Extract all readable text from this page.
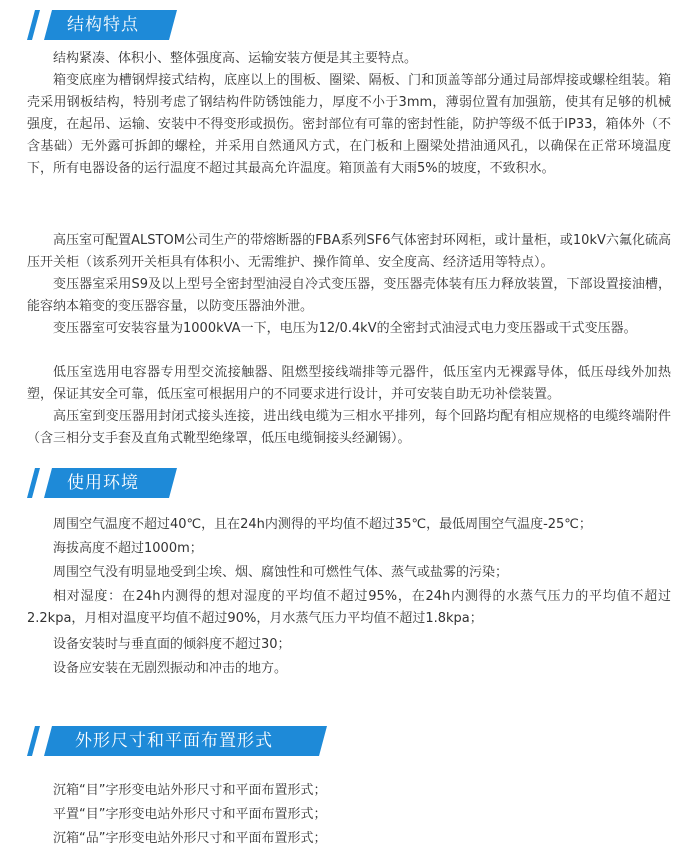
结构特点

结构紧凑、体积小、整体强度高、运输安装方便是其主要特点。

箱变底座为槽钢焊接式结构，底座以上的围板、圈梁、隔板、门和顶盖等部分通过局部焊接或螺栓组装。箱壳采用钢板结构，特别考虑了钢结构件防锈蚀能力，厚度不小于3mm，薄弱位置有加强筋，使其有足够的机械强度，在起吊、运输、安装中不得变形或损伤。密封部位有可靠的密封性能，防护等级不低于IP33，箱体外（不含基础）无外露可拆卸的螺栓，并采用自然通风方式，在门板和上圈梁处措油通风孔，以确保在正常环境温度下，所有电器设备的运行温度不超过其最高允许温度。箱顶盖有大雨5%的坡度，不致积水。

高压室可配置ALSTOM公司生产的带熔断器的FBA系列SF6气体密封环网柜，或计量柜，或10kV六氟化硫高压开关柜（该系列开关柜具有体积小、无需维护、操作简单、安全度高、经济适用等特点）。

变压器室采用S9及以上型号全密封型油浸自冷式变压器，变压器壳体装有压力释放装置，下部设置接油槽，能容纳本箱变的变压器容量，以防变压器油外泄。

变压器室可安装容量为1000kVA一下，电压为12/0.4kV的全密封式油浸式电力变压器或干式变压器。

低压室选用电容器专用型交流接触器、阻燃型接线端排等元器件，低压室内无裸露导体，低压母线外加热塑，保证其安全可靠，低压室可根据用户的不同要求进行设计，并可安装自助无功补偿装置。

高压室到变压器用封闭式接头连接，进出线电缆为三相水平排列，每个回路均配有相应规格的电缆终端附件（含三相分支手套及直角式靴型绝缘罩，低压电缆铜接头经涮锡）。

使用环境
周围空气温度不超过40℃，且在24h内测得的平均值不超过35℃，最低周围空气温度-25℃；
海拔高度不超过1000m；
周围空气没有明显地受到尘埃、烟、腐蚀性和可燃性气体、蒸气或盐雾的污染；

相对湿度：在24h内测得的想对湿度的平均值不超过95%，在24h内测得的水蒸气压力的平均值不超过2.2kpa，月相对温度平均值不超过90%，月水蒸气压力平均值不超过1.8kpa；

设备安装时与垂直面的倾斜度不超过30；
设备应安装在无剧烈振动和冲击的地方。
外形尺寸和平面布置形式
沉箱“目”字形变电站外形尺寸和平面布置形式；
平置“目”字形变电站外形尺寸和平面布置形式；
沉箱“品”字形变电站外形尺寸和平面布置形式；
